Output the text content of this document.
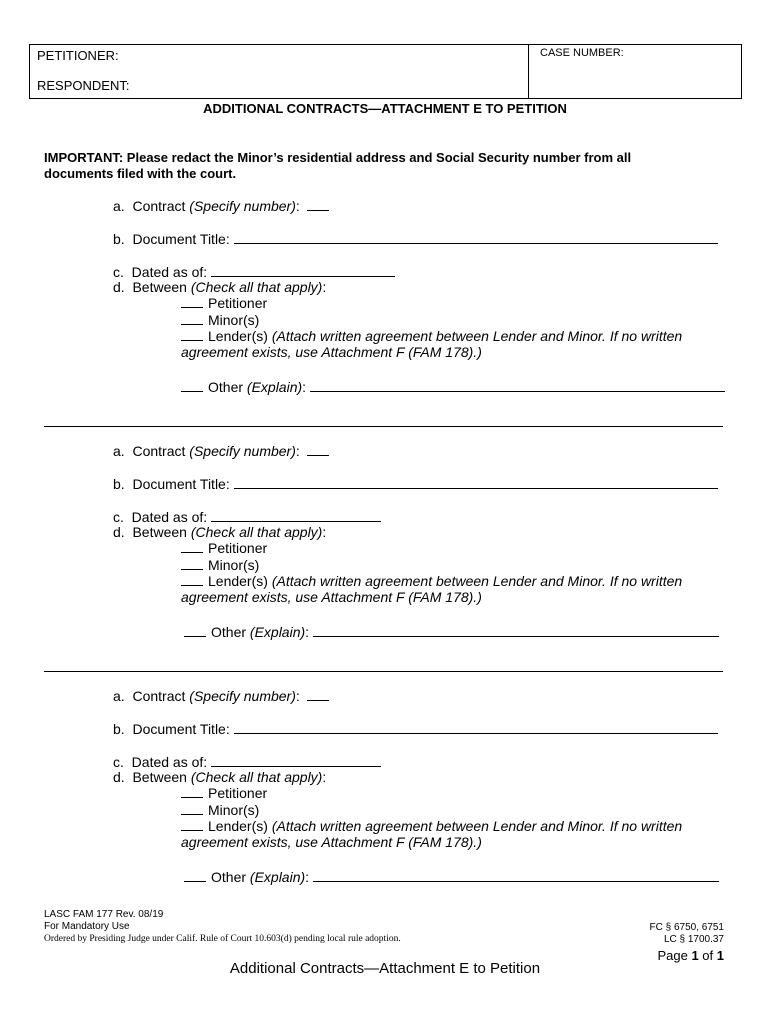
PETITIONER:
RESPONDENT:
CASE NUMBER:
ADDITIONAL CONTRACTS—ATTACHMENT E TO PETITION
IMPORTANT: Please redact the Minor’s residential address and Social Security number from all documents filed with the court.
a. Contract (Specify number):
b. Document Title:
c. Dated as of:
d. Between (Check all that apply):
Petitioner
Minor(s)
Lender(s) (Attach written agreement between Lender and Minor. If no written
agreement exists, use Attachment F (FAM 178).)
Other (Explain):
a. Contract (Specify number):
b. Document Title:
c. Dated as of:
d. Between (Check all that apply):
Petitioner
Minor(s)
Lender(s) (Attach written agreement between Lender and Minor. If no written
agreement exists, use Attachment F (FAM 178).)
Other (Explain):
a. Contract (Specify number):
b. Document Title:
c. Dated as of:
d. Between (Check all that apply):
Petitioner
Minor(s)
Lender(s) (Attach written agreement between Lender and Minor. If no written
agreement exists, use Attachment F (FAM 178).)
Other (Explain):
LASC FAM 177 Rev. 08/19
For Mandatory Use
Ordered by Presiding Judge under Calif. Rule of Court 10.603(d) pending local rule adoption.
FC § 6750, 6751
LC § 1700.37
Page 1 of 1
Additional Contracts—Attachment E to Petition
